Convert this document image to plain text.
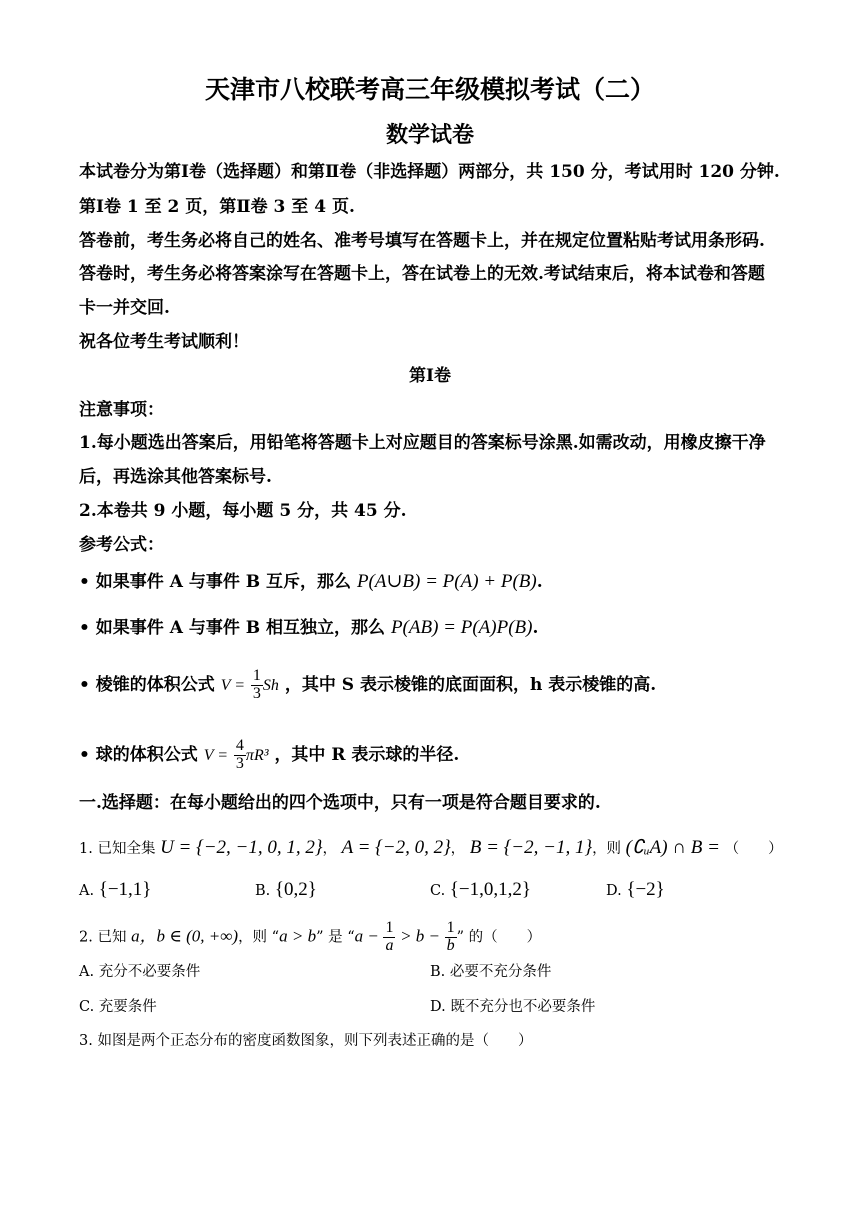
天津市八校联考高三年级模拟考试（二）
数学试卷
本试卷分为第Ⅰ卷（选择题）和第Ⅱ卷（非选择题）两部分，共 150 分，考试用时 120 分钟.
第Ⅰ卷 1 至 2 页，第Ⅱ卷 3 至 4 页.
答卷前，考生务必将自己的姓名、准考号填写在答题卡上，并在规定位置粘贴考试用条形码.
答卷时，考生务必将答案涂写在答题卡上，答在试卷上的无效.考试结束后，将本试卷和答题
卡一并交回.
祝各位考生考试顺利！
第Ⅰ卷
注意事项：
1.每小题选出答案后，用铅笔将答题卡上对应题目的答案标号涂黑.如需改动，用橡皮擦干净
后，再选涂其他答案标号.
2.本卷共 9 小题，每小题 5 分，共 45 分.
参考公式：
• 如果事件 A 与事件 B 互斥，那么 P(A∪B) = P(A) + P(B).
• 如果事件 A 与事件 B 相互独立，那么 P(AB) = P(A)P(B).
• 棱锥的体积公式 $V = \frac{1}{3}$ Sh ，其中 S 表示棱锥的底面面积，h 表示棱锥的高.
• 球的体积公式 $V = \frac{4}{3} \pi R^3$ ，其中 R 表示球的半径.
一.选择题：在每小题给出的四个选项中，只有一项是符合题目要求的.
1. 已知全集 U = {−2, −1, 0, 1, 2}， A = {−2, 0, 2}， B = {−2, −1, 1}，则 (∁ᵤA) ∩ B = （　　）
A. {−1,1}	B. {0,2}	C. {−1,0,1,2}	D. {−2}
2. 已知 a，b ∈ (0, +∞)，则 “a > b” 是 “$a - \frac{1}{a} > b - \frac{1}{b}$ ” 的（　　）
A. 充分不必要条件	B. 必要不充分条件
C. 充要条件	D. 既不充分也不必要条件
3. 如图是两个正态分布的密度函数图象，则下列表述正确的是（　　）
